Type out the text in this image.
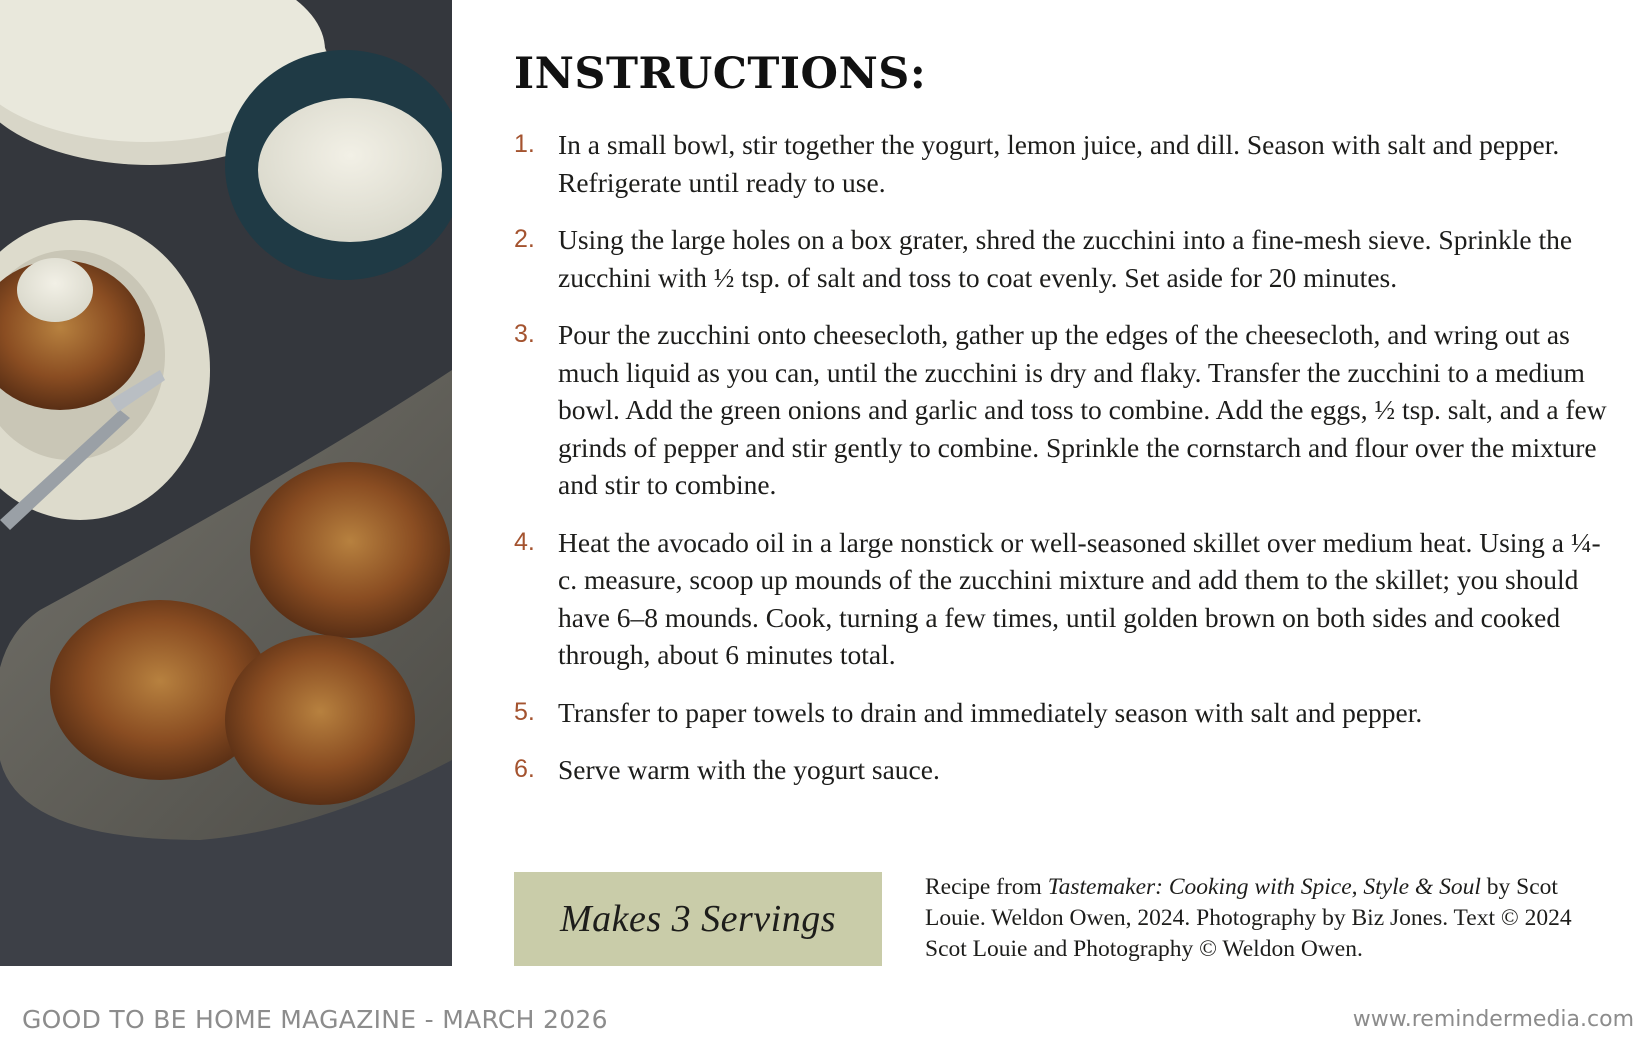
INSTRUCTIONS:
1. In a small bowl, stir together the yogurt, lemon juice, and dill. Season with salt and pepper. Refrigerate until ready to use.
2. Using the large holes on a box grater, shred the zucchini into a fine-mesh sieve. Sprinkle the zucchini with ½ tsp. of salt and toss to coat evenly. Set aside for 20 minutes.
3. Pour the zucchini onto cheesecloth, gather up the edges of the cheesecloth, and wring out as much liquid as you can, until the zucchini is dry and flaky. Transfer the zucchini to a medium bowl. Add the green onions and garlic and toss to combine. Add the eggs, ½ tsp. salt, and a few grinds of pepper and stir gently to combine. Sprinkle the cornstarch and flour over the mixture and stir to combine.
4. Heat the avocado oil in a large nonstick or well-seasoned skillet over medium heat. Using a ¼-c. measure, scoop up mounds of the zucchini mixture and add them to the skillet; you should have 6–8 mounds. Cook, turning a few times, until golden brown on both sides and cooked through, about 6 minutes total.
5. Transfer to paper towels to drain and immediately season with salt and pepper.
6. Serve warm with the yogurt sauce.
Makes 3 Servings
Recipe from Tastemaker: Cooking with Spice, Style & Soul by Scot Louie. Weldon Owen, 2024. Photography by Biz Jones. Text © 2024 Scot Louie and Photography © Weldon Owen.
GOOD TO BE HOME MAGAZINE - MARCH 2026	www.remindermedia.com
